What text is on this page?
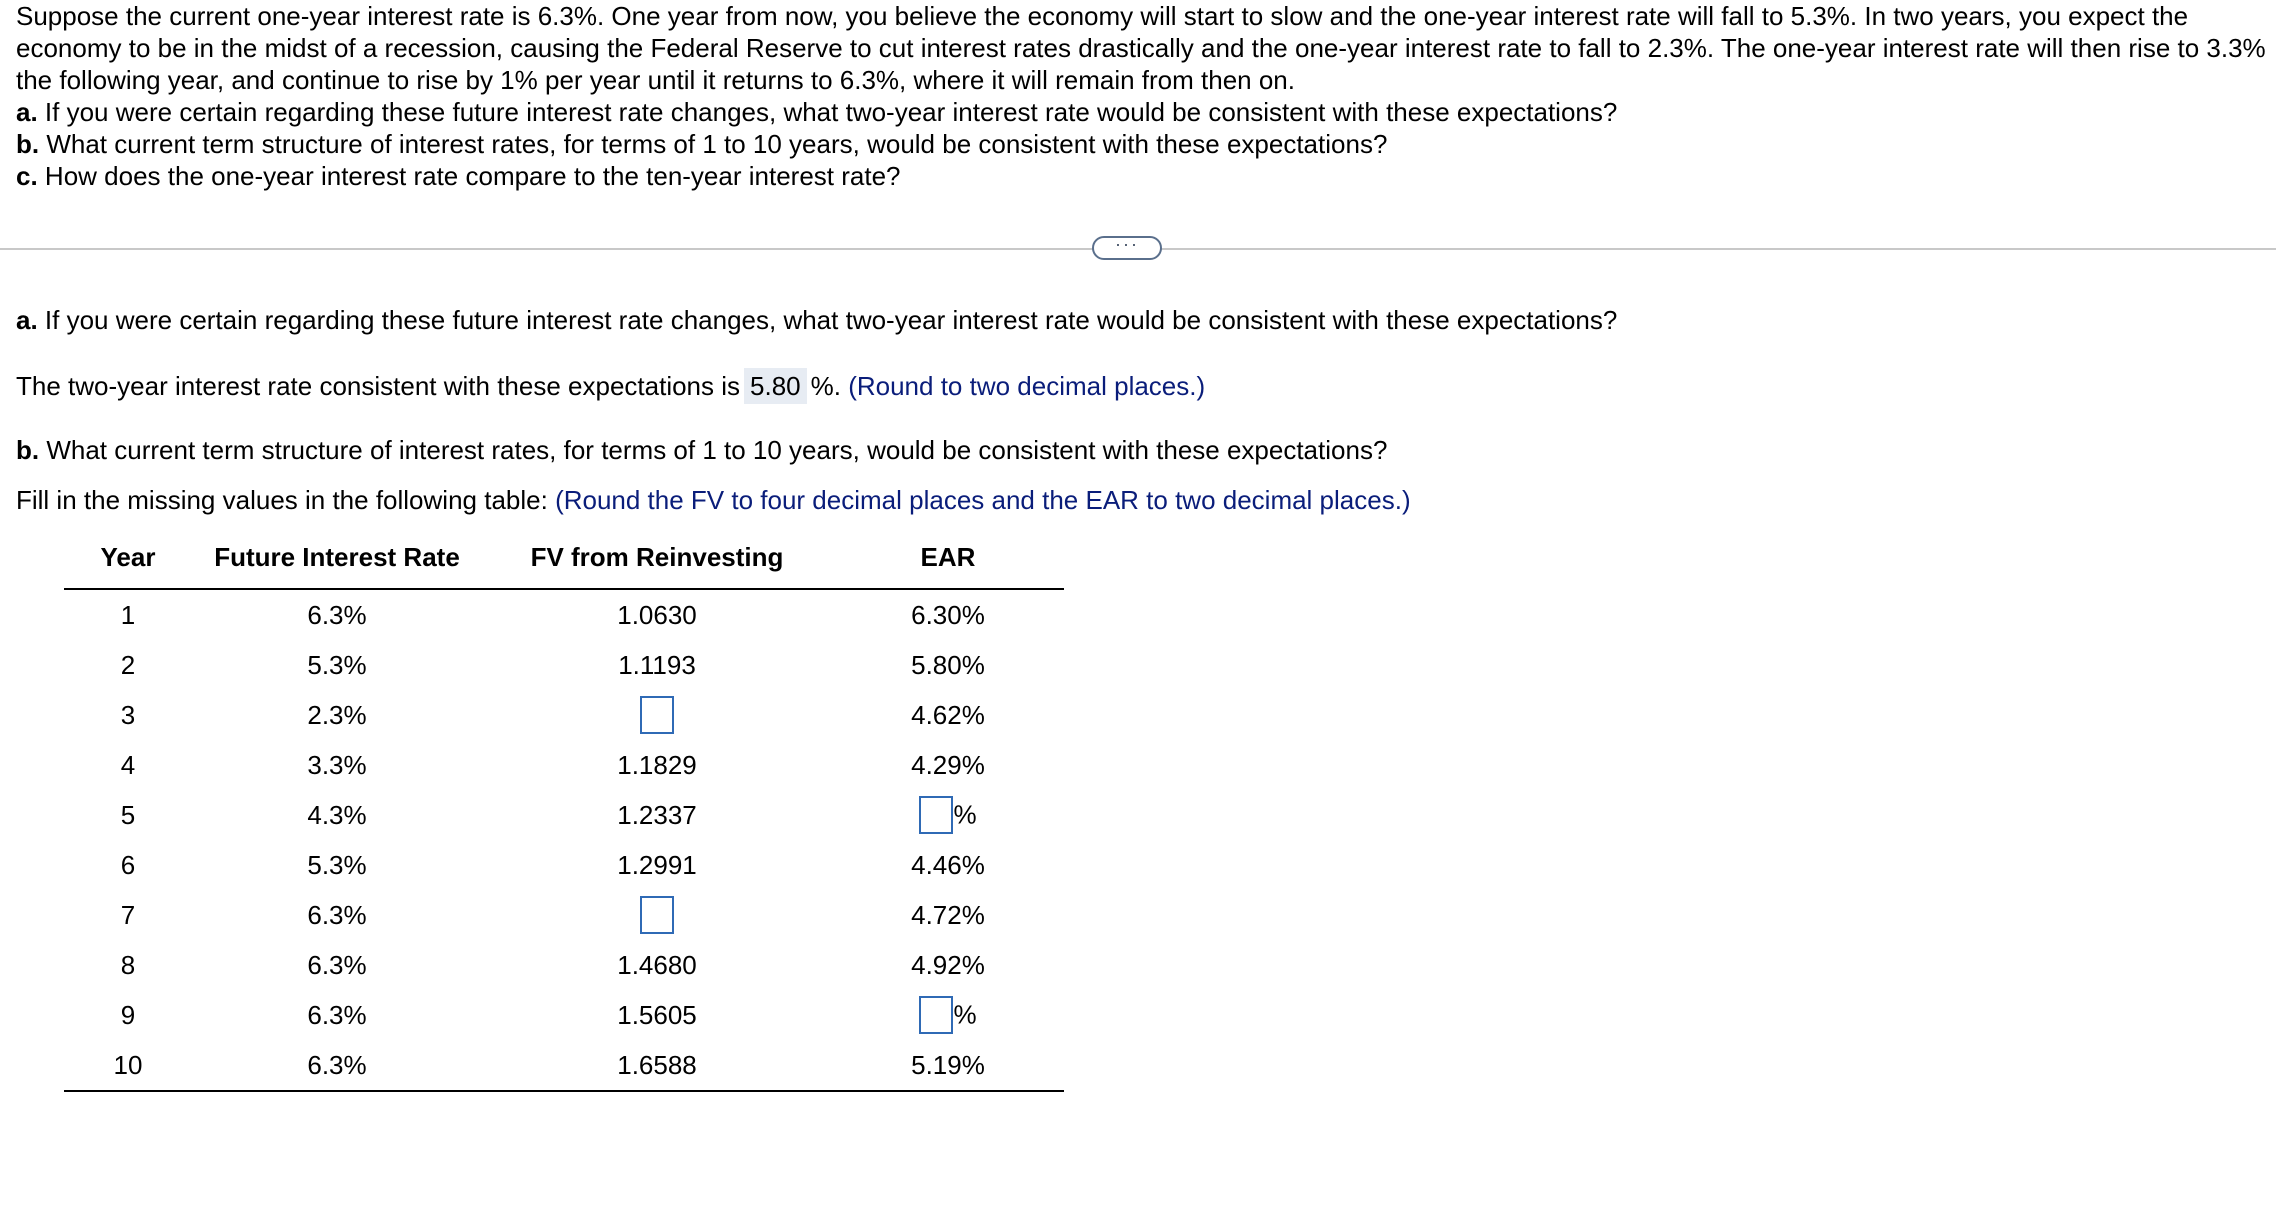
Suppose the current one-year interest rate is 6.3%. One year from now, you believe the economy will start to slow and the one-year interest rate will fall to 5.3%. In two years, you expect the economy to be in the midst of a recession, causing the Federal Reserve to cut interest rates drastically and the one-year interest rate to fall to 2.3%. The one-year interest rate will then rise to 3.3% the following year, and continue to rise by 1% per year until it returns to 6.3%, where it will remain from then on.

a. If you were certain regarding these future interest rate changes, what two-year interest rate would be consistent with these expectations?

b. What current term structure of interest rates, for terms of 1 to 10 years, would be consistent with these expectations?

c. How does the one-year interest rate compare to the ten-year interest rate?

···
a. If you were certain regarding these future interest rate changes, what two-year interest rate would be consistent with these expectations?
The two-year interest rate consistent with these expectations is 5.80 %. (Round to two decimal places.)
b. What current term structure of interest rates, for terms of 1 to 10 years, would be consistent with these expectations?
Fill in the missing values in the following table: (Round the FV to four decimal places and the EAR to two decimal places.)
Year	Future Interest Rate	FV from Reinvesting	EAR
1	6.3%	1.0630	6.30%
2	5.3%	1.1193	5.80%
3	2.3%		4.62%
4	3.3%	1.1829	4.29%
5	4.3%	1.2337	%
6	5.3%	1.2991	4.46%
7	6.3%		4.72%
8	6.3%	1.4680	4.92%
9	6.3%	1.5605	%
10	6.3%	1.6588	5.19%
